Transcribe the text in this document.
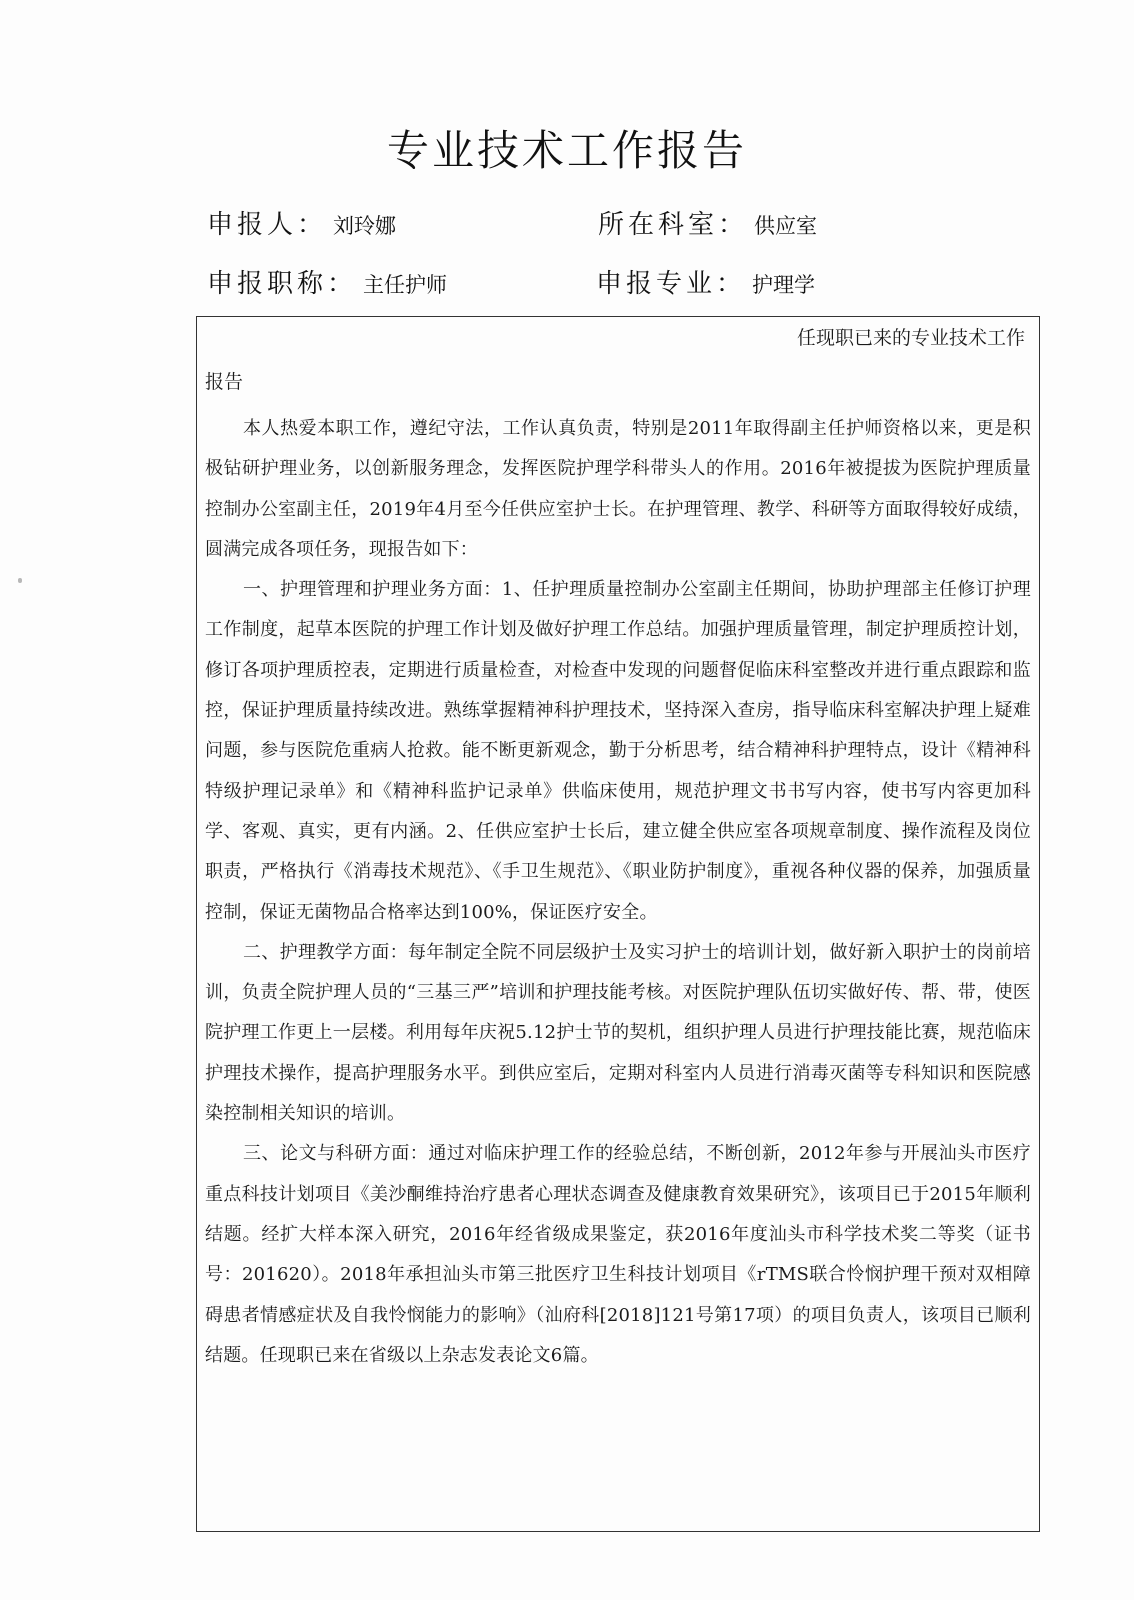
专业技术工作报告
申报人： 刘玲娜	所在科室： 供应室
申报职称： 主任护师	申报专业： 护理学
任现职已来的专业技术工作
报告

本人热爱本职工作，遵纪守法，工作认真负责，特别是2011年取得副主任护师资格以来，更是积极钻研护理业务，以创新服务理念，发挥医院护理学科带头人的作用。2016年被提拔为医院护理质量控制办公室副主任，2019年4月至今任供应室护士长。在护理管理、教学、科研等方面取得较好成绩，圆满完成各项任务，现报告如下：

一、护理管理和护理业务方面：1、任护理质量控制办公室副主任期间，协助护理部主任修订护理工作制度，起草本医院的护理工作计划及做好护理工作总结。加强护理质量管理，制定护理质控计划，修订各项护理质控表，定期进行质量检查，对检查中发现的问题督促临床科室整改并进行重点跟踪和监控，保证护理质量持续改进。熟练掌握精神科护理技术，坚持深入查房，指导临床科室解决护理上疑难问题，参与医院危重病人抢救。能不断更新观念，勤于分析思考，结合精神科护理特点，设计《精神科特级护理记录单》和《精神科监护记录单》供临床使用，规范护理文书书写内容，使书写内容更加科学、客观、真实，更有内涵。2、任供应室护士长后，建立健全供应室各项规章制度、操作流程及岗位职责，严格执行《消毒技术规范》、《手卫生规范》、《职业防护制度》，重视各种仪器的保养，加强质量控制，保证无菌物品合格率达到100%，保证医疗安全。

二、护理教学方面：每年制定全院不同层级护士及实习护士的培训计划，做好新入职护士的岗前培训，负责全院护理人员的“三基三严”培训和护理技能考核。对医院护理队伍切实做好传、帮、带，使医院护理工作更上一层楼。利用每年庆祝5.12护士节的契机，组织护理人员进行护理技能比赛，规范临床护理技术操作，提高护理服务水平。到供应室后，定期对科室内人员进行消毒灭菌等专科知识和医院感染控制相关知识的培训。

三、论文与科研方面：通过对临床护理工作的经验总结，不断创新，2012年参与开展汕头市医疗重点科技计划项目《美沙酮维持治疗患者心理状态调查及健康教育效果研究》，该项目已于2015年顺利结题。经扩大样本深入研究，2016年经省级成果鉴定，获2016年度汕头市科学技术奖二等奖（证书号：201620）。2018年承担汕头市第三批医疗卫生科技计划项目《rTMS联合怜悯护理干预对双相障碍患者情感症状及自我怜悯能力的影响》（汕府科[2018]121号第17项）的项目负责人，该项目已顺利结题。任现职已来在省级以上杂志发表论文6篇。
